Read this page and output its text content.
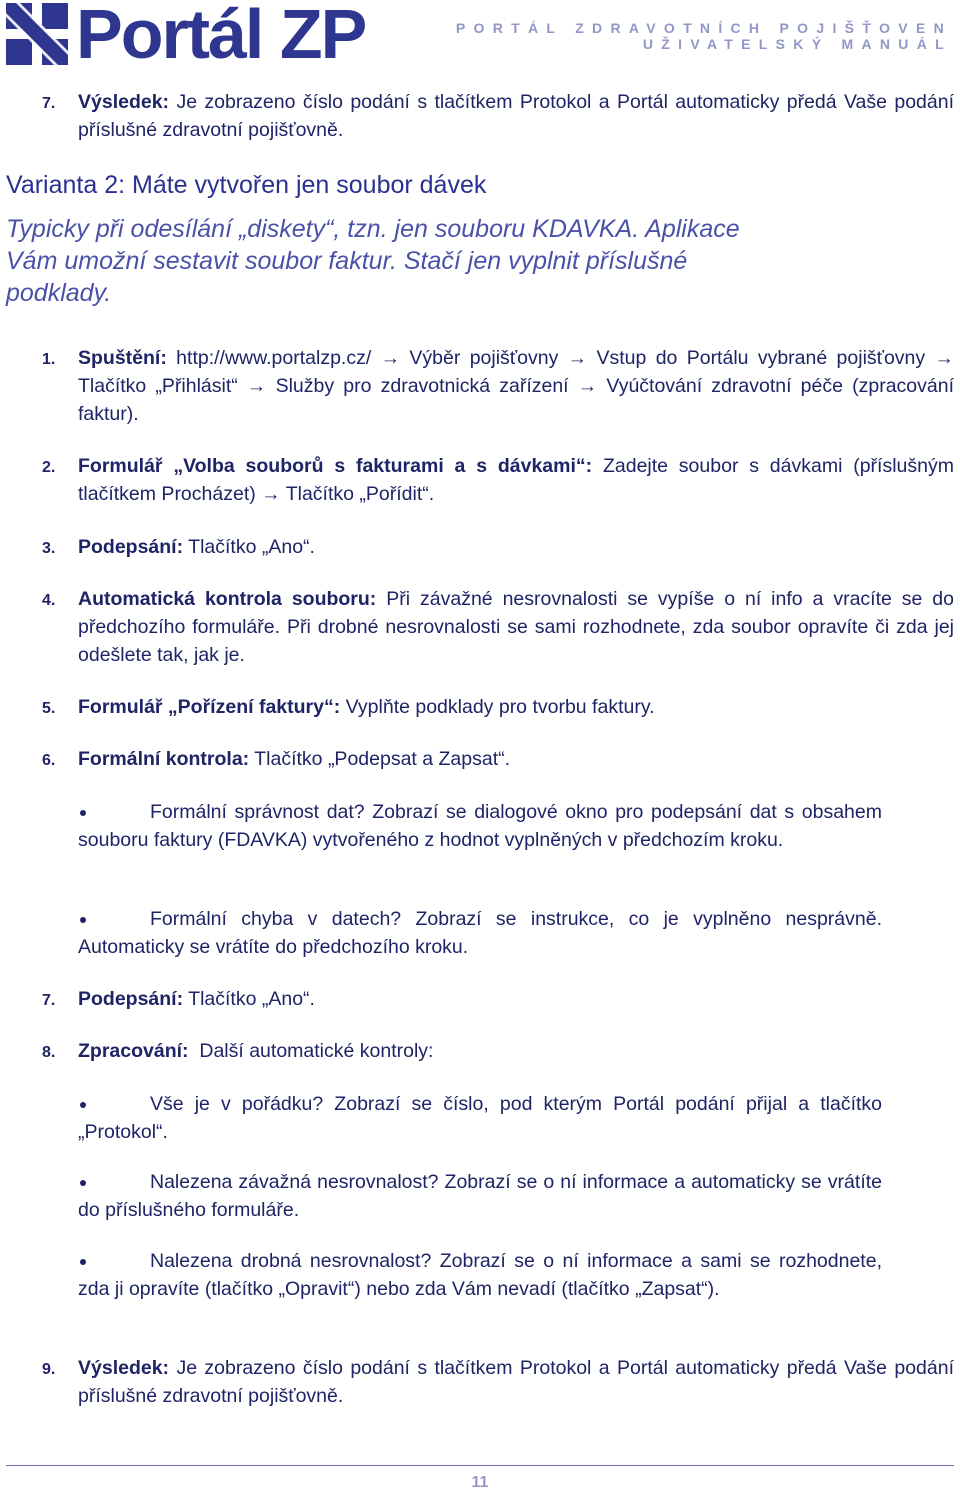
Portál ZP	PORTÁL ZDRAVOTNÍCH POJIŠŤOVEN
UŽIVATELSKÝ MANUÁL
7.	Výsledek: Je zobrazeno číslo podání s tlačítkem Protokol a Portál automaticky předá Vaše podání příslušné zdravotní pojišťovně.
Varianta 2: Máte vytvořen jen soubor dávek
Typicky při odesílání „diskety“, tzn. jen souboru KDAVKA. Aplikace Vám umožní sestavit soubor faktur. Stačí jen vyplnit příslušné podklady.
1.	Spuštění: http://www.portalzp.cz/ → Výběr pojišťovny → Vstup do Portálu vybrané pojišťovny → Tlačítko „Přihlásit“ → Služby pro zdravotnická zařízení → Vyúčtování zdravotní péče (zpracování faktur).
2.	Formulář „Volba souborů s fakturami a s dávkami“: Zadejte soubor s dávkami (příslušným tlačítkem Procházet) → Tlačítko „Pořídit“.
3.	Podepsání: Tlačítko „Ano“.
4.	Automatická kontrola souboru: Při závažné nesrovnalosti se vypíše o ní info a vracíte se do předchozího formuláře. Při drobné nesrovnalosti se sami rozhodnete, zda soubor opravíte či zda jej odešlete tak, jak je.
5.	Formulář „Pořízení faktury“: Vyplňte podklady pro tvorbu faktury.
6.	Formální kontrola: Tlačítko „Podepsat a Zapsat“.
Formální správnost dat? Zobrazí se dialogové okno pro podepsání dat s obsahem souboru faktury (FDAVKA) vytvořeného z hodnot vyplněných v předchozím kroku.
Formální chyba v datech? Zobrazí se instrukce, co je vyplněno nesprávně. Automaticky se vrátíte do předchozího kroku.
7.	Podepsání: Tlačítko „Ano“.
8.	Zpracování:  Další automatické kontroly:
Vše je v pořádku? Zobrazí se číslo, pod kterým Portál podání přijal a tlačítko „Protokol“.
Nalezena závažná nesrovnalost? Zobrazí se o ní informace a automaticky se vrátíte do příslušného formuláře.
Nalezena drobná nesrovnalost? Zobrazí se o ní informace a sami se rozhodnete, zda ji opravíte (tlačítko „Opravit“) nebo zda Vám nevadí (tlačítko „Zapsat“).
9.	Výsledek: Je zobrazeno číslo podání s tlačítkem Protokol a Portál automaticky předá Vaše podání příslušné zdravotní pojišťovně.
11
